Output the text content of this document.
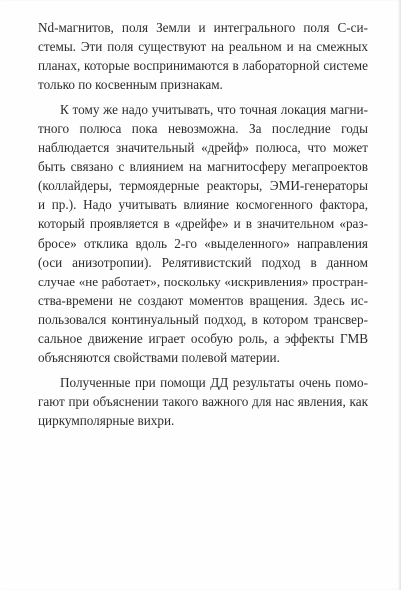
Nd-магнитов, поля Земли и интегрального поля С-си-
стемы. Эти поля существуют на реальном и на смежных
планах, которые воспринимаются в лабораторной системе
только по косвенным признакам.

К тому же надо учитывать, что точная локация магни-
тного полюса пока невозможна. За последние годы
наблюдается значительный «дрейф» полюса, что может
быть связано с влиянием на магнитосферу мегапроектов
(коллайдеры, термоядерные реакторы, ЭМИ-генераторы
и пр.). Надо учитывать влияние космогенного фактора,
который проявляется в «дрейфе» и в значительном «раз-
бросе» отклика вдоль 2-го «выделенного» направления
(оси анизотропии). Релятивистский подход в данном
случае «не работает», поскольку «искривления» простран-
ства-времени не создают моментов вращения. Здесь ис-
пользовался континуальный подход, в котором трансвер-
сальное движение играет особую роль, а эффекты ГМВ
объясняются свойствами полевой материи.

Полученные при помощи ДД результаты очень помо-
гают при объяснении такого важного для нас явления, как
циркумполярные вихри.
